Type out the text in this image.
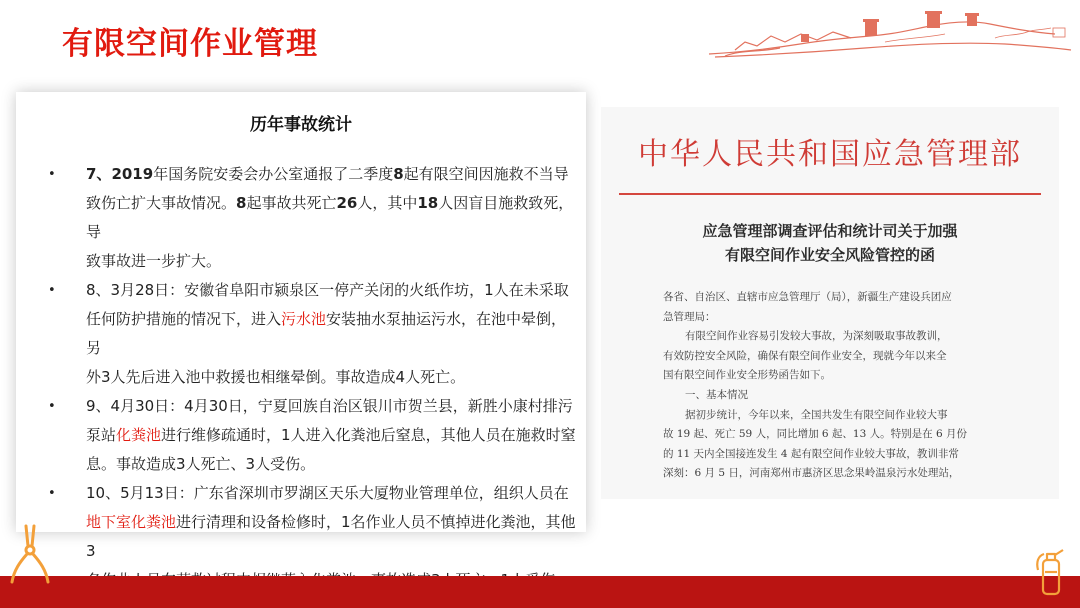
有限空间作业管理
历年事故统计
• 7、2019年国务院安委会办公室通报了二季度8起有限空间因施救不当导
致伤亡扩大事故情况。8起事故共死亡26人，其中18人因盲目施救致死，导
致事故进一步扩大。
• 8、3月28日：安徽省阜阳市颍泉区一停产关闭的火纸作坊，1人在未采取
任何防护措施的情况下，进入污水池安装抽水泵抽运污水，在池中晕倒，另
外3人先后进入池中救援也相继晕倒。事故造成4人死亡。
• 9、4月30日：4月30日，宁夏回族自治区银川市贺兰县，新胜小康村排污
泵站化粪池进行维修疏通时，1人进入化粪池后窒息，其他人员在施救时窒
息。事故造成3人死亡、3人受伤。
• 10、5月13日：广东省深圳市罗湖区天乐大厦物业管理单位，组织人员在
地下室化粪池进行清理和设备检修时，1名作业人员不慎掉进化粪池，其他3
中华人民共和国应急管理部
应急管理部调查评估和统计司关于加强
有限空间作业安全风险管控的函

各省、自治区、直辖市应急管理厅（局），新疆生产建设兵团应

急管理局：

有限空间作业容易引发较大事故，为深刻吸取事故教训，

有效防控安全风险，确保有限空间作业安全，现就今年以来全

国有限空间作业安全形势函告如下。

一、基本情况

据初步统计，今年以来，全国共发生有限空间作业较大事

故 19 起、死亡 59 人，同比增加 6 起、13 人。特别是在 6 月份

的 11 天内全国接连发生 4 起有限空间作业较大事故，教训非常

深刻：6 月 5 日，河南郑州市惠济区思念果岭温泉污水处理站，
